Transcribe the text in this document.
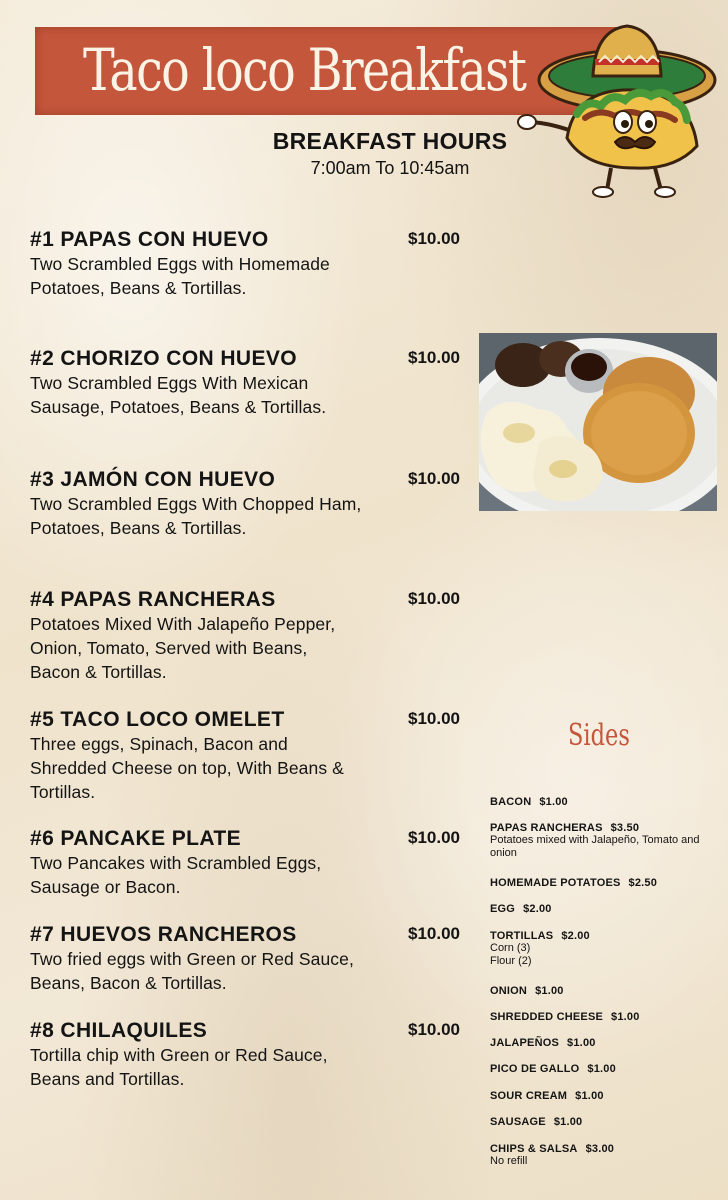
Taco loco Breakfast
BREAKFAST HOURS
7:00am To 10:45am
#1 PAPAS CON HUEVO	$10.00
Two Scrambled Eggs with Homemade Potatoes, Beans & Tortillas.
#2 CHORIZO CON HUEVO	$10.00
Two Scrambled Eggs With Mexican Sausage, Potatoes, Beans & Tortillas.
#3 JAMÓN CON HUEVO	$10.00
Two Scrambled Eggs With Chopped Ham, Potatoes, Beans & Tortillas.
#4 PAPAS RANCHERAS	$10.00
Potatoes Mixed With Jalapeño Pepper, Onion, Tomato, Served with Beans, Bacon & Tortillas.
#5 TACO LOCO OMELET	$10.00
Three eggs, Spinach, Bacon and Shredded Cheese on top, With Beans & Tortillas.
#6 PANCAKE PLATE	$10.00
Two Pancakes with Scrambled Eggs, Sausage or Bacon.
#7 HUEVOS RANCHEROS	$10.00
Two fried eggs with Green or Red Sauce, Beans, Bacon & Tortillas.
#8 CHILAQUILES	$10.00
Tortilla chip with Green or Red Sauce,
Beans and Tortillas.
Sides
BACON $1.00
PAPAS RANCHERAS $3.50
Potatoes mixed with Jalapeño, Tomato and onion
HOMEMADE POTATOES $2.50
EGG $2.00
TORTILLAS $2.00
Corn (3)
Flour (2)
ONION $1.00
SHREDDED CHEESE $1.00
JALAPEÑOS $1.00
PICO DE GALLO $1.00
SOUR CREAM $1.00
SAUSAGE $1.00
CHIPS & SALSA $3.00
No refill
